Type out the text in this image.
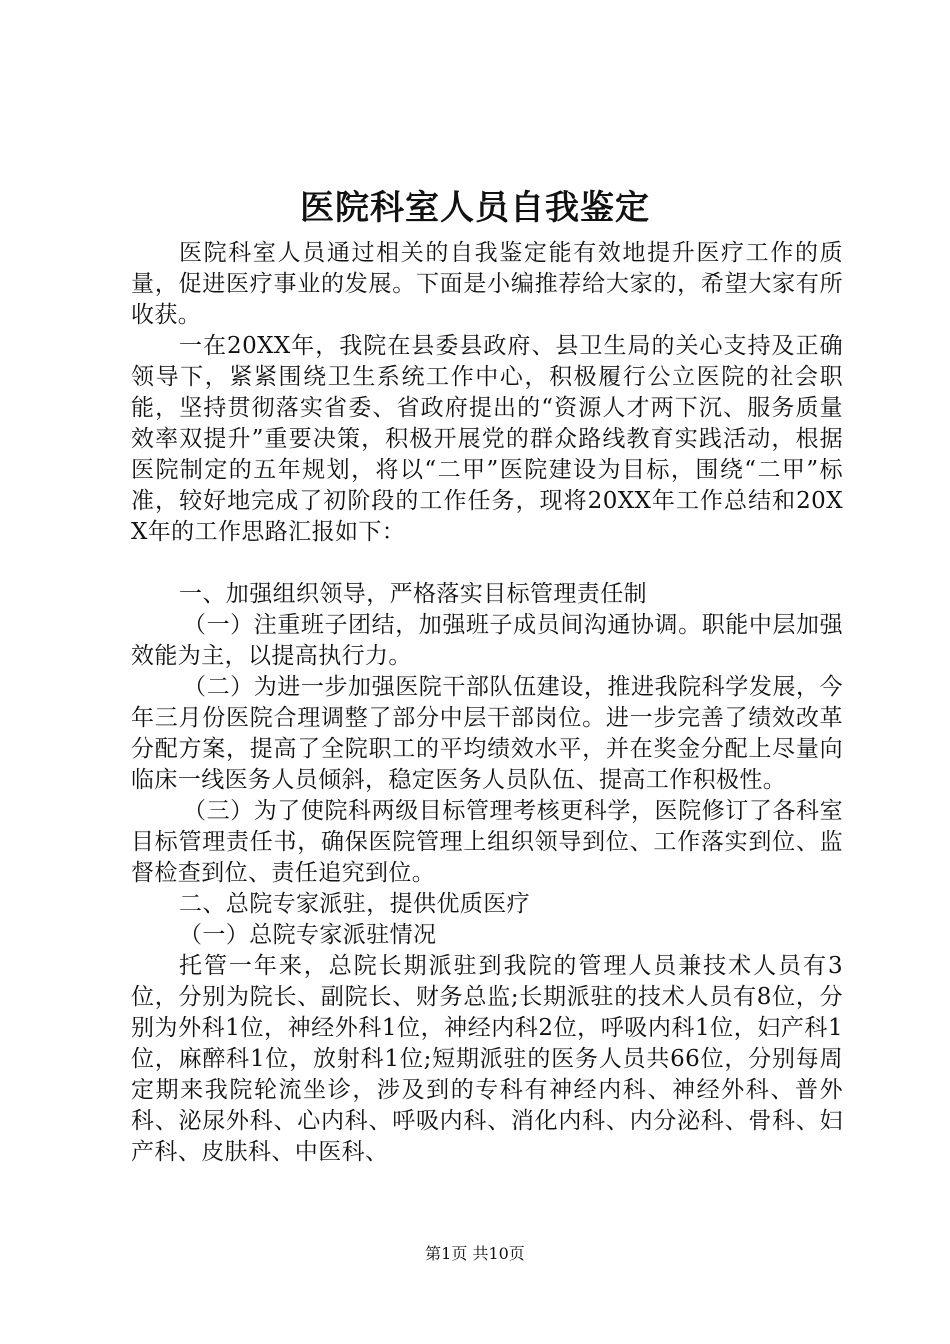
医院科室人员自我鉴定

医院科室人员通过相关的自我鉴定能有效地提升医疗工作的质量，促进医疗事业的发展。下面是小编推荐给大家的，希望大家有所收获。

一在20XX年，我院在县委县政府、县卫生局的关心支持及正确领导下，紧紧围绕卫生系统工作中心，积极履行公立医院的社会职能，坚持贯彻落实省委、省政府提出的“资源人才两下沉、服务质量效率双提升”重要决策，积极开展党的群众路线教育实践活动，根据医院制定的五年规划，将以“二甲”医院建设为目标，围绕“二甲”标准，较好地完成了初阶段的工作任务，现将20XX年工作总结和20XX年的工作思路汇报如下：

一、加强组织领导，严格落实目标管理责任制

（一）注重班子团结，加强班子成员间沟通协调。职能中层加强效能为主，以提高执行力。

（二）为进一步加强医院干部队伍建设，推进我院科学发展，今年三月份医院合理调整了部分中层干部岗位。进一步完善了绩效改革分配方案，提高了全院职工的平均绩效水平，并在奖金分配上尽量向临床一线医务人员倾斜，稳定医务人员队伍、提高工作积极性。

（三）为了使院科两级目标管理考核更科学，医院修订了各科室目标管理责任书，确保医院管理上组织领导到位、工作落实到位、监督检查到位、责任追究到位。

二、总院专家派驻，提供优质医疗

（一）总院专家派驻情况

托管一年来，总院长期派驻到我院的管理人员兼技术人员有3位，分别为院长、副院长、财务总监;长期派驻的技术人员有8位，分别为外科1位，神经外科1位，神经内科2位，呼吸内科1位，妇产科1位，麻醉科1位，放射科1位;短期派驻的医务人员共66位，分别每周定期来我院轮流坐诊，涉及到的专科有神经内科、神经外科、普外科、泌尿外科、心内科、呼吸内科、消化内科、内分泌科、骨科、妇产科、皮肤科、中医科、

第1页 共10页
